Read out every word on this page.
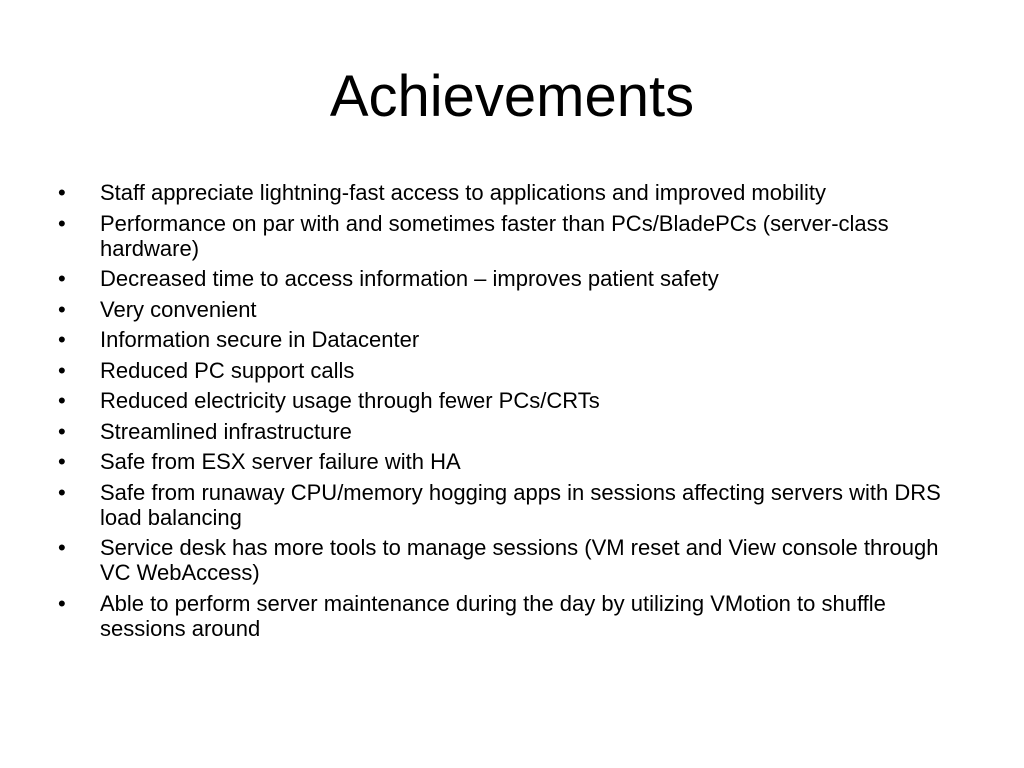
Achievements
•	Staff appreciate lightning-fast access to applications and improved mobility
•	Performance on par with and sometimes faster than PCs/BladePCs (server-class hardware)
•	Decreased time to access information – improves patient safety
•	Very convenient
•	Information secure in Datacenter
•	Reduced PC support calls
•	Reduced electricity usage through fewer PCs/CRTs
•	Streamlined infrastructure
•	Safe from ESX server failure with HA
•	Safe from runaway CPU/memory hogging apps in sessions affecting servers with DRS load balancing
•	Service desk has more tools to manage sessions (VM reset and View console through VC WebAccess)
•	Able to perform server maintenance during the day by utilizing VMotion to shuffle sessions around
